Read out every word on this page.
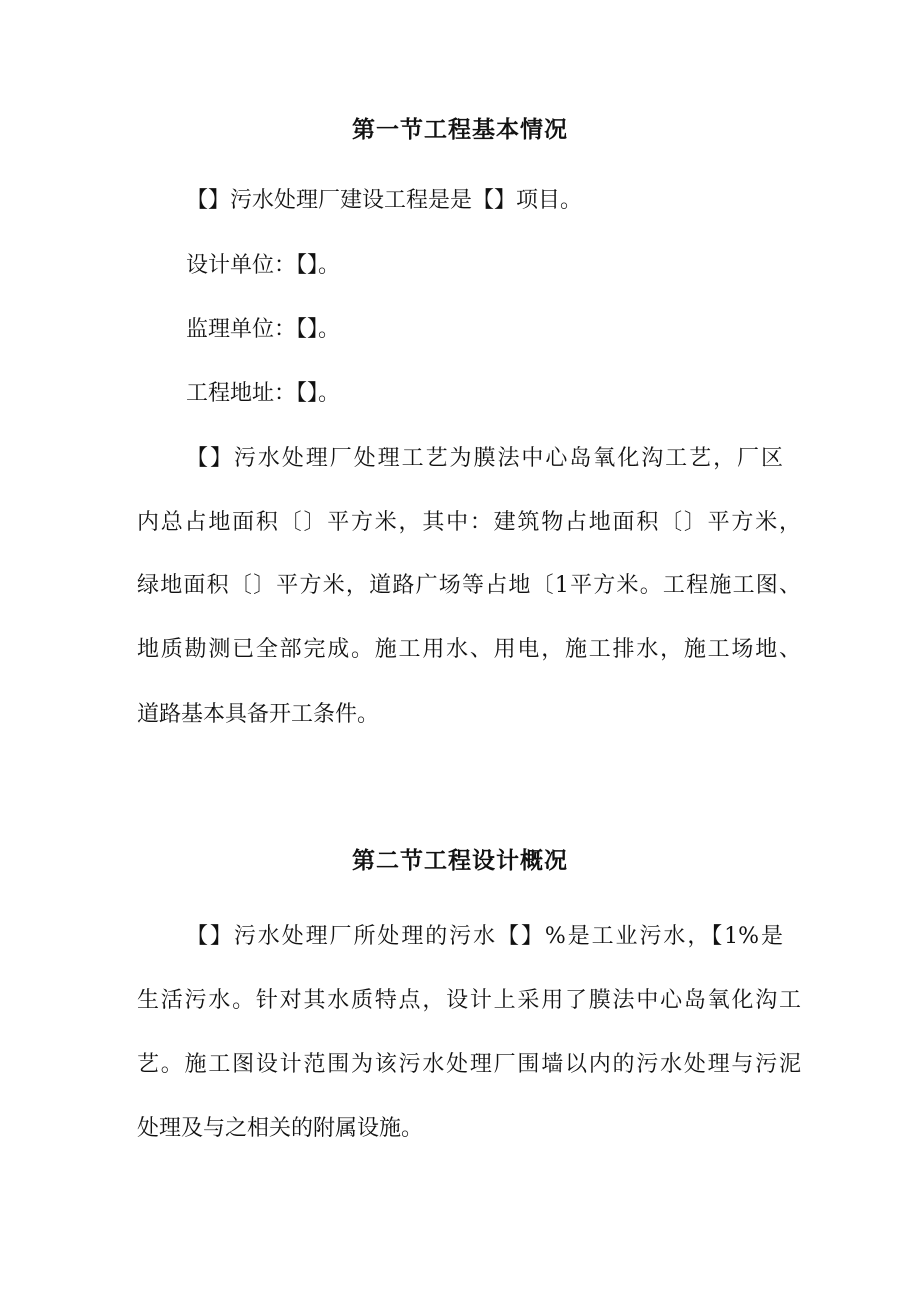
第一节工程基本情况

【】污水处理厂建设工程是是【】项目。

设计单位：【】。

监理单位：【】。

工程地址：【】。

【】污水处理厂处理工艺为膜法中心岛氧化沟工艺，厂区

内总占地面积〔〕平方米，其中：建筑物占地面积〔〕平方米，

绿地面积〔〕平方米，道路广场等占地〔1平方米。工程施工图、

地质勘测已全部完成。施工用水、用电，施工排水，施工场地、

道路基本具备开工条件。

第二节工程设计概况

【】污水处理厂所处理的污水【】%是工业污水，【1%是

生活污水。针对其水质特点，设计上采用了膜法中心岛氧化沟工

艺。施工图设计范围为该污水处理厂围墙以内的污水处理与污泥

处理及与之相关的附属设施。
